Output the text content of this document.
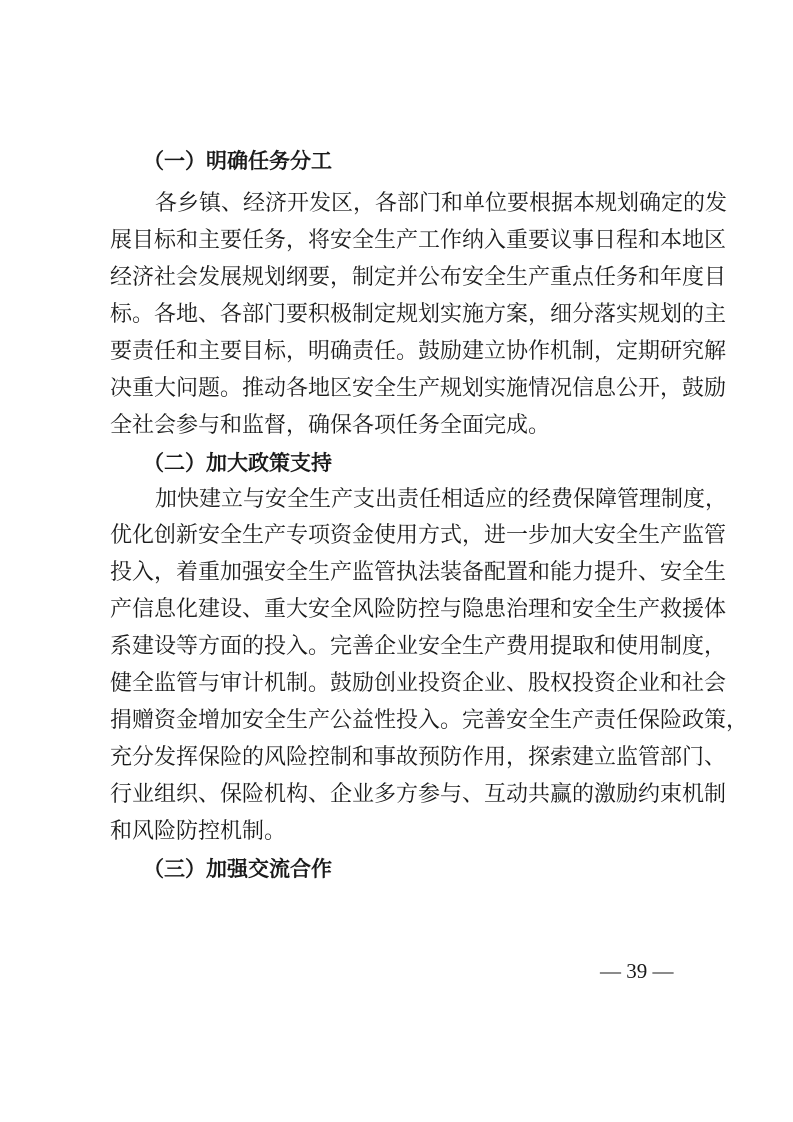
（一）明确任务分工
各乡镇、经济开发区，各部门和单位要根据本规划确定的发
展目标和主要任务，将安全生产工作纳入重要议事日程和本地区
经济社会发展规划纲要，制定并公布安全生产重点任务和年度目
标。各地、各部门要积极制定规划实施方案，细分落实规划的主
要责任和主要目标，明确责任。鼓励建立协作机制，定期研究解
决重大问题。推动各地区安全生产规划实施情况信息公开，鼓励
全社会参与和监督，确保各项任务全面完成。
（二）加大政策支持
加快建立与安全生产支出责任相适应的经费保障管理制度，
优化创新安全生产专项资金使用方式，进一步加大安全生产监管
投入，着重加强安全生产监管执法装备配置和能力提升、安全生
产信息化建设、重大安全风险防控与隐患治理和安全生产救援体
系建设等方面的投入。完善企业安全生产费用提取和使用制度，
健全监管与审计机制。鼓励创业投资企业、股权投资企业和社会
捐赠资金增加安全生产公益性投入。完善安全生产责任保险政策，
充分发挥保险的风险控制和事故预防作用，探索建立监管部门、
行业组织、保险机构、企业多方参与、互动共赢的激励约束机制
和风险防控机制。
（三）加强交流合作
— 39 —
